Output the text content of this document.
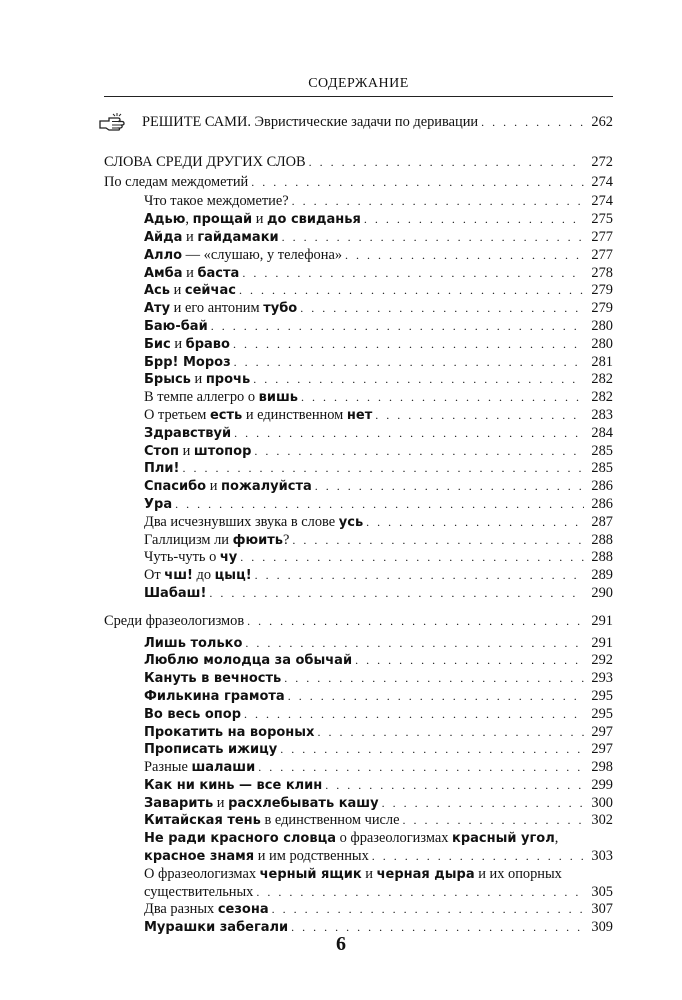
СОДЕРЖАНИЕ
РЕШИТЕ САМИ. Эвристические задачи по деривации . . .	262
СЛОВА СРЕДИ ДРУГИХ СЛОВ . . .	272
По следам междометий . . .	274
Что такое междометие? . . .	274
Адью, прощай и до свиданья . . .	275
Айда и гайдамаки . . .	277
Алло — «слушаю, у телефона» . . .	277
Амба и баста . . .	278
Ась и сейчас . . .	279
Ату и его антоним тубо . . .	279
Баю-бай . . .	280
Бис и браво . . .	280
Брр! Мороз . . .	281
Брысь и прочь . . .	282
В темпе аллегро о вишь . . .	282
О третьем есть и единственном нет . . .	283
Здравствуй . . .	284
Стоп и штопор . . .	285
Пли! . . .	285
Спасибо и пожалуйста . . .	286
Ура . . .	286
Два исчезнувших звука в слове усь . . .	287
Галлицизм ли фюить? . . .	288
Чуть-чуть о чу . . .	288
От чш! до цыц! . . .	289
Шабаш! . . .	290
Среди фразеологизмов . . .	291
Лишь только . . .	291
Люблю молодца за обычай . . .	292
Кануть в вечность . . .	293
Филькина грамота . . .	295
Во весь опор . . .	295
Прокатить на вороных . . .	297
Прописать ижицу . . .	297
Разные шалаши . . .	298
Как ни кинь — все клин . . .	299
Заварить и расхлебывать кашу . . .	300
Китайская тень в единственном числе . . .	302
Не ради красного словца о фразеологизмах красный угол,
красное знамя и им родственных . . .	303
О фразеологизмах черный ящик и черная дыра и их опорных
существительных . . .	305
Два разных сезона . . .	307
Мурашки забегали . . .	309
6
